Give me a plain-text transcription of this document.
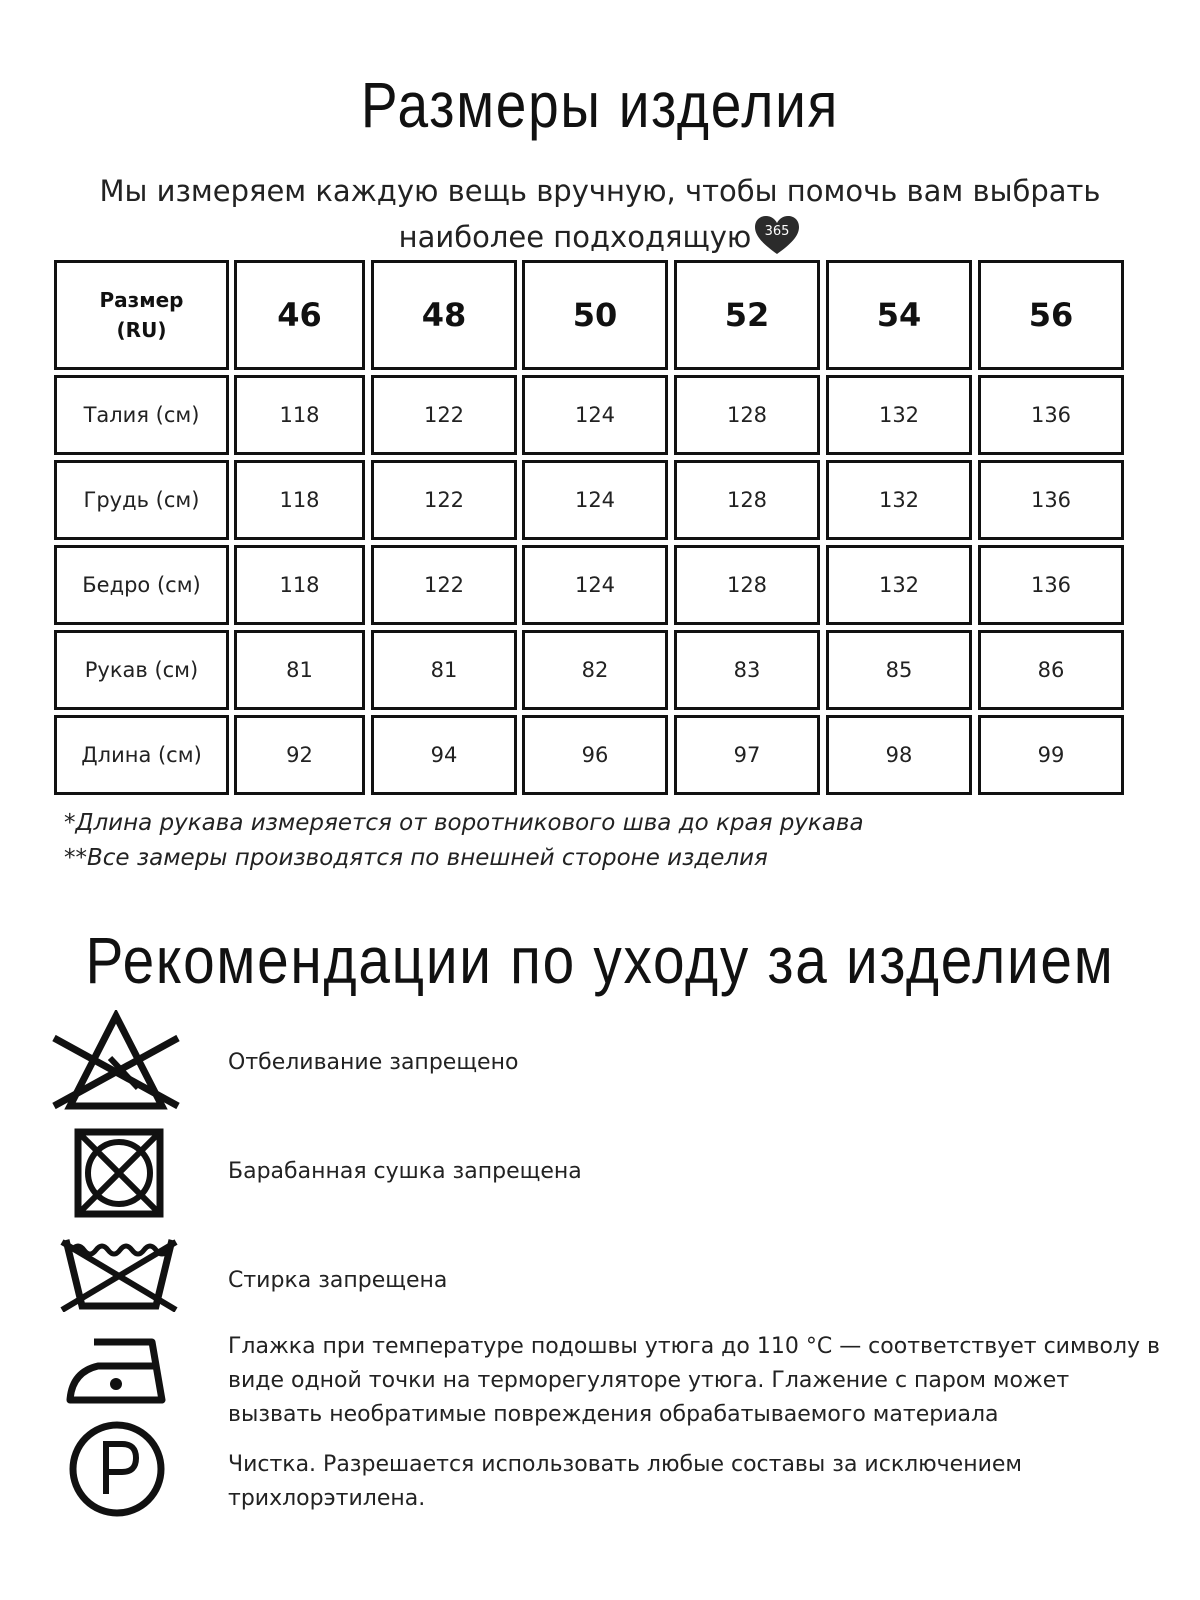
Размеры изделия
Мы измеряем каждую вещь вручную, чтобы помочь вам выбрать
наиболее подходящую 365
Размер
(RU)	46	48	50	52	54	56
Талия (см)	118	122	124	128	132	136
Грудь (см)	118	122	124	128	132	136
Бедро (см)	118	122	124	128	132	136
Рукав (см)	81	81	82	83	85	86
Длина (см)	92	94	96	97	98	99
*Длина рукава измеряется от воротникового шва до края рукава
**Все замеры производятся по внешней стороне изделия
Рекомендации по уходу за изделием
Отбеливание запрещено
Барабанная сушка запрещена
Стирка запрещена
Глажка при температуре подошвы утюга до 110 °C — соответствует символу в виде одной точки на терморегуляторе утюга. Глажение с паром может вызвать необратимые повреждения обрабатываемого материала
Чистка. Разрешается использовать любые составы за исключением трихлорэтилена.
